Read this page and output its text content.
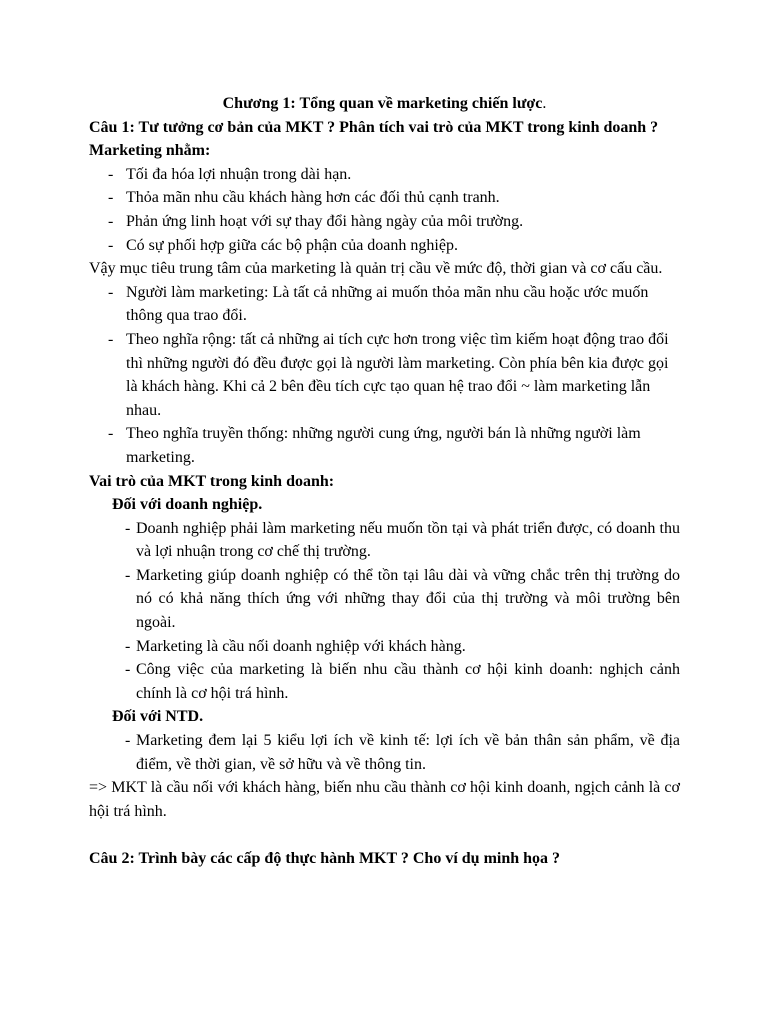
Chương 1: Tổng quan về marketing chiến lược.

Câu 1: Tư tưởng cơ bản của MKT ? Phân tích vai trò của MKT trong kinh doanh ?

Marketing nhằm:

- Tối đa hóa lợi nhuận trong dài hạn.
- Thỏa mãn nhu cầu khách hàng hơn các đối thủ cạnh tranh.
- Phản ứng linh hoạt với sự thay đổi hàng ngày của môi trường.
- Có sự phối hợp giữa các bộ phận của doanh nghiệp.

Vậy mục tiêu trung tâm của marketing là quản trị cầu về mức độ, thời gian và cơ cấu cầu.

- Người làm marketing: Là tất cả những ai muốn thỏa mãn nhu cầu hoặc ước muốn thông qua trao đổi.
- Theo nghĩa rộng: tất cả những ai tích cực hơn trong việc tìm kiếm hoạt động trao đổi thì những người đó đều được gọi là người làm marketing. Còn phía bên kia được gọi là khách hàng. Khi cả 2 bên đều tích cực tạo quan hệ trao đổi ~ làm marketing lẫn nhau.
- Theo nghĩa truyền thống: những người cung ứng, người bán là những người làm marketing.

Vai trò của MKT trong kinh doanh:

Đối với doanh nghiệp.

- Doanh nghiệp phải làm marketing nếu muốn tồn tại và phát triển được, có doanh thu và lợi nhuận trong cơ chế thị trường.
- Marketing giúp doanh nghiệp có thể tồn tại lâu dài và vững chắc trên thị trường do nó có khả năng thích ứng với những thay đổi của thị trường và môi trường bên ngoài.
- Marketing là cầu nối doanh nghiệp với khách hàng.
- Công việc của marketing là biến nhu cầu thành cơ hội kinh doanh: nghịch cảnh chính là cơ hội trá hình.

Đối với NTD.

- Marketing đem lại 5 kiểu lợi ích về kinh tế: lợi ích về bản thân sản phẩm, về địa điểm, về thời gian, về sở hữu và về thông tin.

=> MKT là cầu nối với khách hàng, biến nhu cầu thành cơ hội kinh doanh, ngịch cảnh là cơ hội trá hình.

Câu 2: Trình bày các cấp độ thực hành MKT ? Cho ví dụ minh họa ?
